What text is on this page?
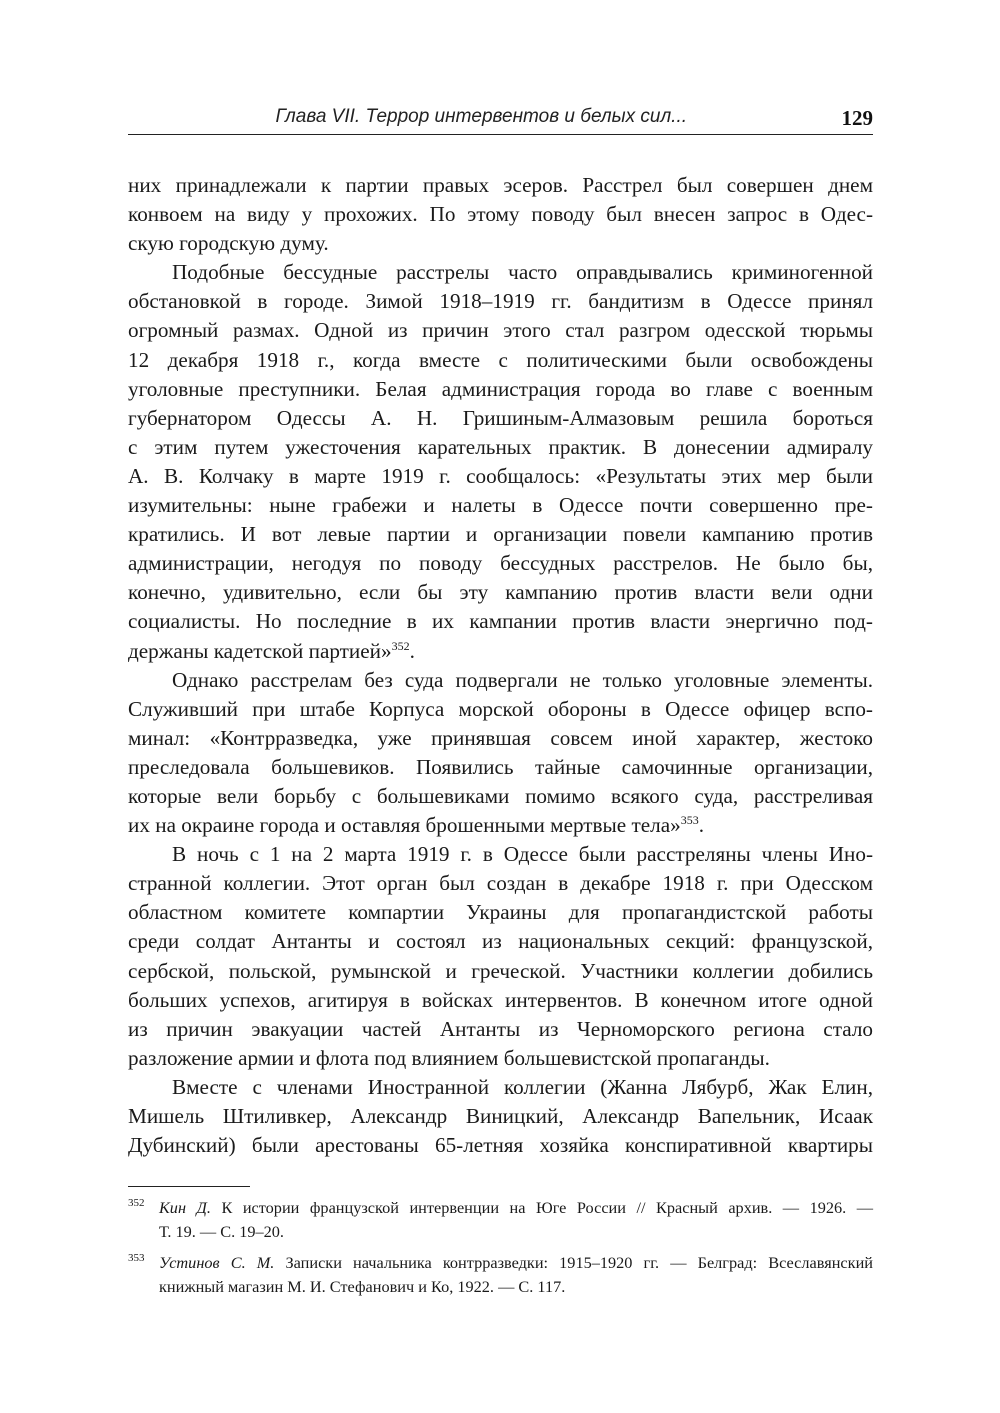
Глава VII. Террор интервентов и белых сил...	129
них принадлежали к партии правых эсеров. Расстрел был совершен днем
конвоем на виду у прохожих. По этому поводу был внесен запрос в Одес-
скую городскую думу.
Подобные бессудные расстрелы часто оправдывались криминогенной
обстановкой в городе. Зимой 1918–1919 гг. бандитизм в Одессе принял
огромный размах. Одной из причин этого стал разгром одесской тюрьмы
12 декабря 1918 г., когда вместе с политическими были освобождены
уголовные преступники. Белая администрация города во главе с военным
губернатором Одессы А. Н. Гришиным-Алмазовым решила бороться
с этим путем ужесточения карательных практик. В донесении адмиралу
А. В. Колчаку в марте 1919 г. сообщалось: «Результаты этих мер были
изумительны: ныне грабежи и налеты в Одессе почти совершенно пре-
кратились. И вот левые партии и организации повели кампанию против
администрации, негодуя по поводу бессудных расстрелов. Не было бы,
конечно, удивительно, если бы эту кампанию против власти вели одни
социалисты. Но последние в их кампании против власти энергично под-
держаны кадетской партией»$^{352}$.
Однако расстрелам без суда подвергали не только уголовные элементы.
Служивший при штабе Корпуса морской обороны в Одессе офицер вспо-
минал: «Контрразведка, уже принявшая совсем иной характер, жестоко
преследовала большевиков. Появились тайные самочинные организации,
которые вели борьбу с большевиками помимо всякого суда, расстреливая
их на окраине города и оставляя брошенными мертвые тела»$^{353}$.
В ночь с 1 на 2 марта 1919 г. в Одессе были расстреляны члены Ино-
странной коллегии. Этот орган был создан в декабре 1918 г. при Одесском
областном комитете компартии Украины для пропагандистской работы
среди солдат Антанты и состоял из национальных секций: французской,
сербской, польской, румынской и греческой. Участники коллегии добились
больших успехов, агитируя в войсках интервентов. В конечном итоге одной
из причин эвакуации частей Антанты из Черноморского региона стало
разложение армии и флота под влиянием большевистской пропаганды.
Вместе с членами Иностранной коллегии (Жанна Лябурб, Жак Елин,
Мишель Штиливкер, Александр Виницкий, Александр Вапельник, Исаак
Дубинский) были арестованы 65-летняя хозяйка конспиративной квартиры
352 Кин Д. К истории французской интервенции на Юге России // Красный архив. — 1926. —
Т. 19. — С. 19–20.
353 Устинов С. М. Записки начальника контрразведки: 1915–1920 гг. — Белград: Всеславянский
книжный магазин М. И. Стефанович и Ко, 1922. — С. 117.
